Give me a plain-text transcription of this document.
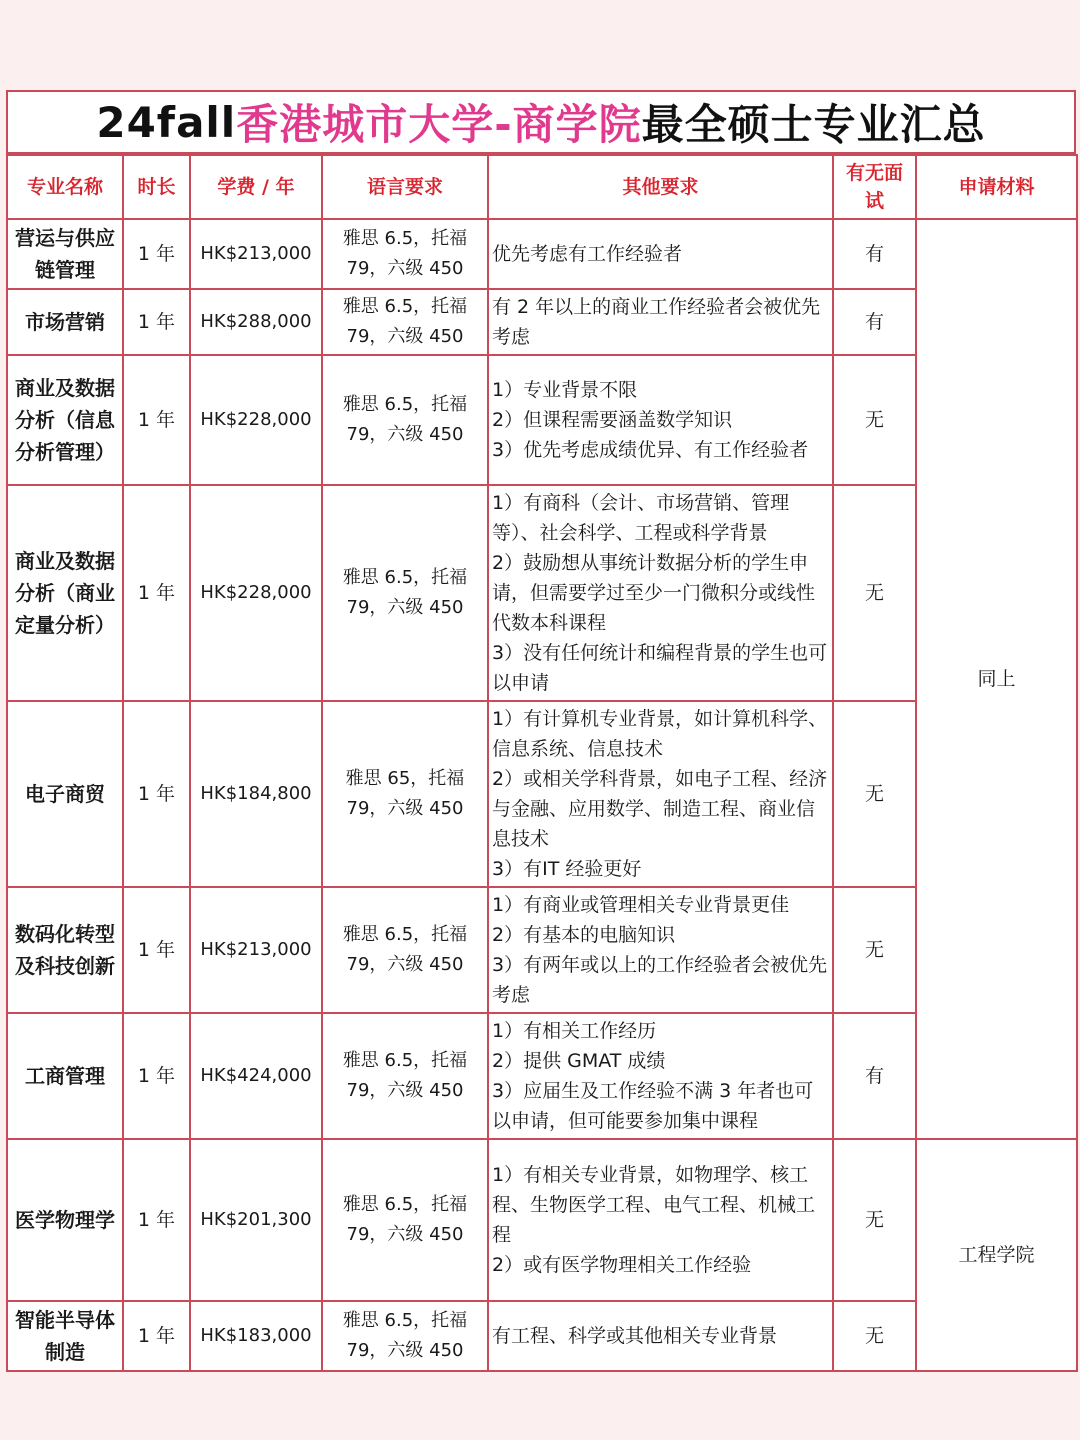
24fall 香港城市大学-商学院 最全硕士专业汇总
专业名称	时长	学费 / 年	语言要求	其他要求	有无面试	申请材料
营运与供应链管理	1 年	HK$213,000	雅思 6.5，托福 79，六级 450	优先考虑有工作经验者	有	同上
市场营销	1 年	HK$288,000	雅思 6.5，托福 79，六级 450	有 2 年以上的商业工作经验者会被优先考虑	有	
商业及数据分析（信息分析管理）	1 年	HK$228,000	雅思 6.5，托福 79，六级 450	1）专业背景不限
2）但课程需要涵盖数学知识
3）优先考虑成绩优异、有工作经验者	无	
商业及数据分析（商业定量分析）	1 年	HK$228,000	雅思 6.5，托福 79，六级 450	1）有商科（会计、市场营销、管理等）、社会科学、工程或科学背景
2）鼓励想从事统计数据分析的学生申请，但需要学过至少一门微积分或线性代数本科课程
3）没有任何统计和编程背景的学生也可以申请	无	
电子商贸	1 年	HK$184,800	雅思 65，托福 79，六级 450	1）有计算机专业背景，如计算机科学、信息系统、信息技术
2）或相关学科背景，如电子工程、经济与金融、应用数学、制造工程、商业信息技术
3）有IT 经验更好	无	
数码化转型及科技创新	1 年	HK$213,000	雅思 6.5，托福 79，六级 450	1）有商业或管理相关专业背景更佳
2）有基本的电脑知识
3）有两年或以上的工作经验者会被优先考虑	无	
工商管理	1 年	HK$424,000	雅思 6.5，托福 79，六级 450	1）有相关工作经历
2）提供 GMAT 成绩
3）应届生及工作经验不满 3 年者也可以申请，但可能要参加集中课程	有	
医学物理学	1 年	HK$201,300	雅思 6.5，托福79，六级 450	1）有相关专业背景，如物理学、核工
程、生物医学工程、电气工程、机械工程
2）或有医学物理相关工作经验	无	工程学院
智能半导体制造	1 年	HK$183,000	雅思 6.5，托福79，六级 450	有工程、科学或其他相关专业背景	无	
